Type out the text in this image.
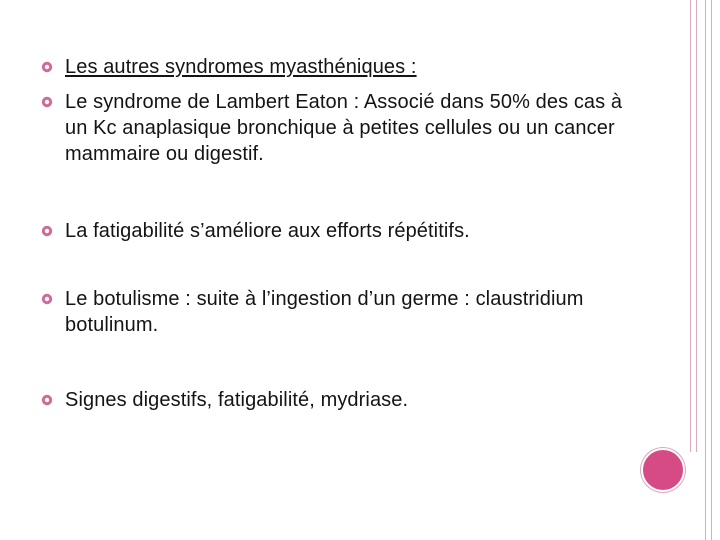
Les autres syndromes myasthéniques :
Le syndrome de Lambert Eaton : Associé dans 50% des cas à un Kc anaplasique bronchique à petites cellules ou un cancer mammaire ou digestif.
La fatigabilité s’améliore aux efforts répétitifs.
Le botulisme : suite à l’ingestion d’un germe : claustridium botulinum.
Signes digestifs, fatigabilité, mydriase.
